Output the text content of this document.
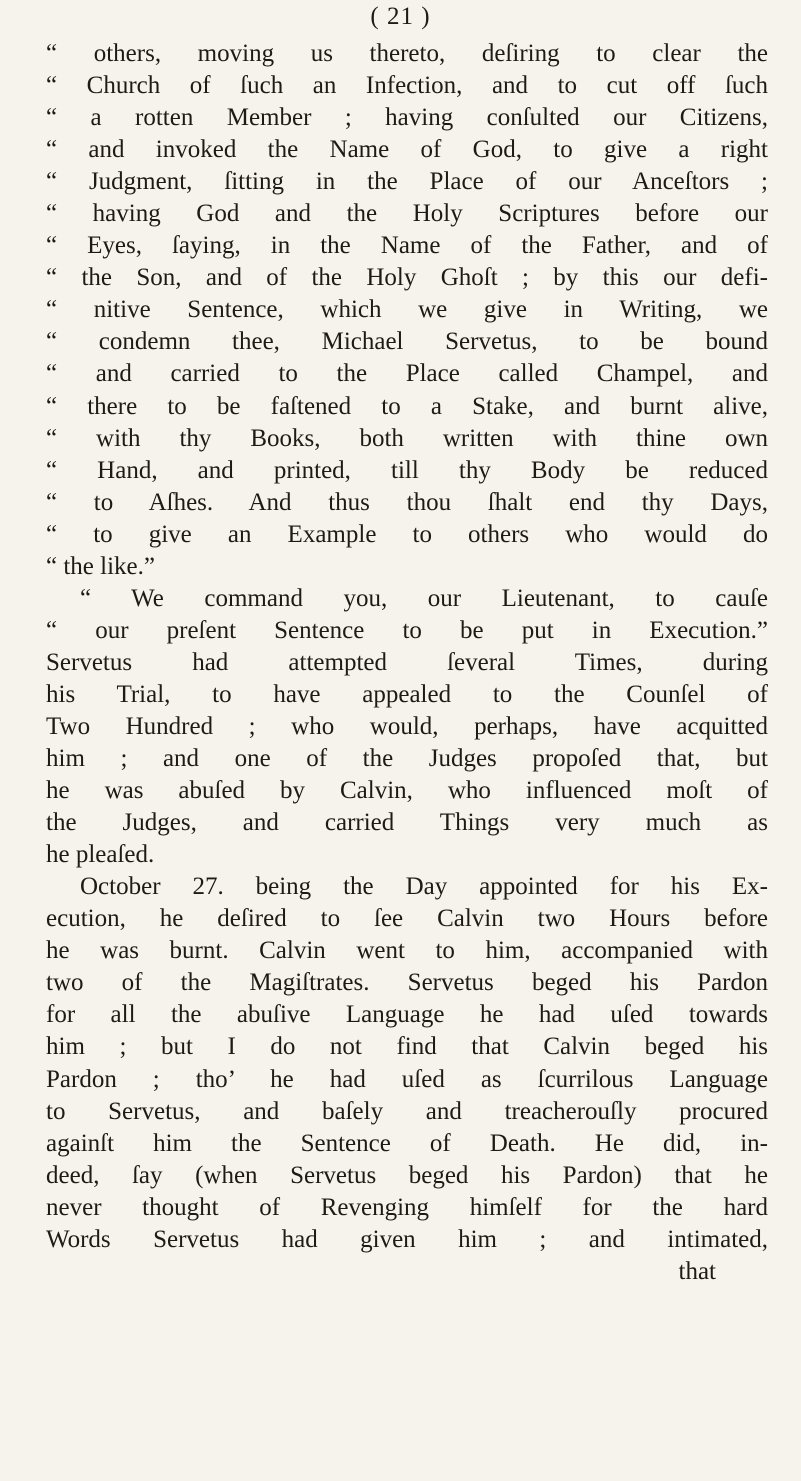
( 21 )
“ others, moving us thereto, deſiring to clear the
“ Church of ſuch an Infection, and to cut off ſuch
“ a rotten Member ; having conſulted our Citizens,
“ and invoked the Name of God, to give a right
“ Judgment, ſitting in the Place of our Anceſtors ;
“ having God and the Holy Scriptures before our
“ Eyes, ſaying, in the Name of the Father, and of
“ the Son, and of the Holy Ghoſt ; by this our defi-
“ nitive Sentence, which we give in Writing, we
“ condemn thee, Michael Servetus, to be bound
“ and carried to the Place called Champel, and
“ there to be faſtened to a Stake, and burnt alive,
“ with thy Books, both written with thine own
“ Hand, and printed, till thy Body be reduced
“ to Aſhes. And thus thou ſhalt end thy Days,
“ to give an Example to others who would do
“ the like.”
“ We command you, our Lieutenant, to cauſe
“ our preſent Sentence to be put in Execution.”
Servetus had attempted ſeveral Times, during
his Trial, to have appealed to the Counſel of
Two Hundred ; who would, perhaps, have acquitted
him ; and one of the Judges propoſed that, but
he was abuſed by Calvin, who influenced moſt of
the Judges, and carried Things very much as
he pleaſed.
October 27. being the Day appointed for his Ex-
ecution, he deſired to ſee Calvin two Hours before
he was burnt. Calvin went to him, accompanied with
two of the Magiſtrates. Servetus beged his Pardon
for all the abuſive Language he had uſed towards
him ; but I do not find that Calvin beged his
Pardon ; tho’ he had uſed as ſcurrilous Language
to Servetus, and baſely and treacherouſly procured
againſt him the Sentence of Death. He did, in-
deed, ſay (when Servetus beged his Pardon) that he
never thought of Revenging himſelf for the hard
Words Servetus had given him ; and intimated,
that
